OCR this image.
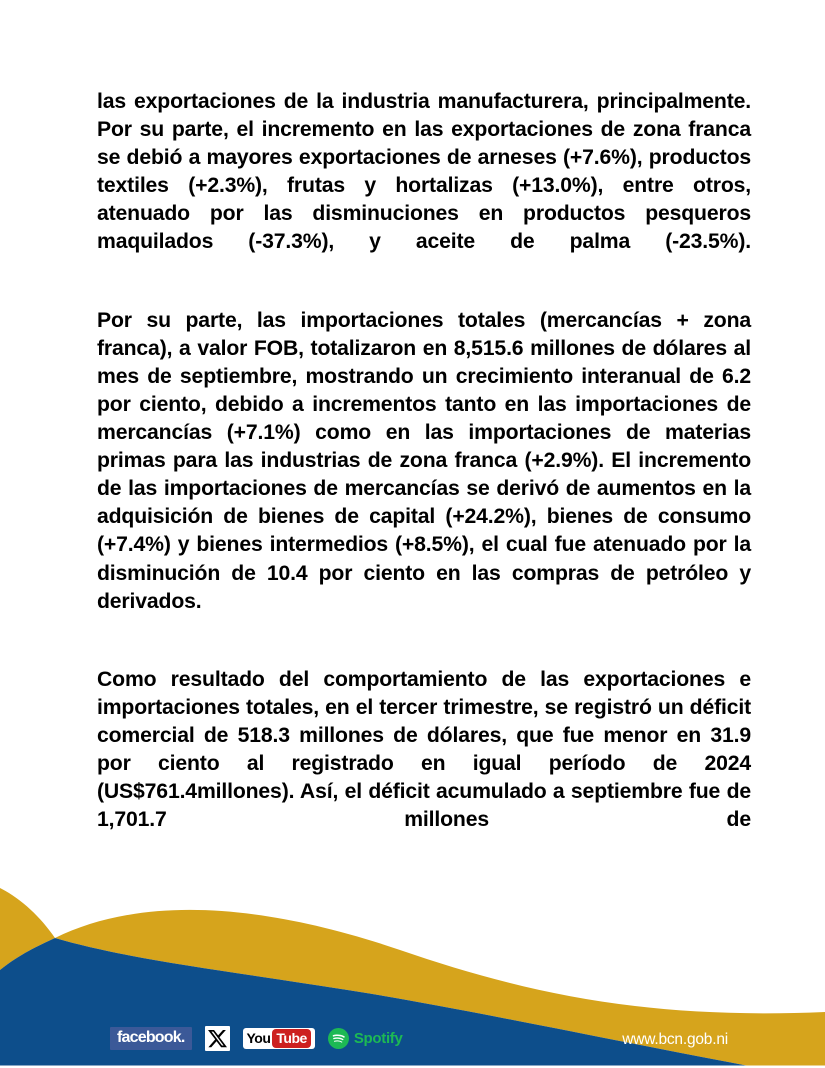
las exportaciones de la industria manufacturera, principalmente. Por su parte, el incremento en las exportaciones de zona franca se debió a mayores exportaciones de arneses (+7.6%), productos textiles (+2.3%), frutas y hortalizas (+13.0%), entre otros, atenuado por las disminuciones en productos pesqueros maquilados (-37.3%), y aceite de palma (-23.5%).

Por su parte, las importaciones totales (mercancías + zona franca), a valor FOB, totalizaron en 8,515.6 millones de dólares al mes de septiembre, mostrando un crecimiento interanual de 6.2 por ciento, debido a incrementos tanto en las importaciones de mercancías (+7.1%) como en las importaciones de materias primas para las industrias de zona franca (+2.9%). El incremento de las importaciones de mercancías se derivó de aumentos en la adquisición de bienes de capital (+24.2%), bienes de consumo (+7.4%) y bienes intermedios (+8.5%), el cual fue atenuado por la disminución de 10.4 por ciento en las compras de petróleo y derivados.

Como resultado del comportamiento de las exportaciones e importaciones totales, en el tercer trimestre, se registró un déficit comercial de 518.3 millones de dólares, que fue menor en 31.9 por ciento al registrado en igual período de 2024 (US$761.4millones). Así, el déficit acumulado a septiembre fue de 1,701.7 millones de

facebook.	You Tube	Spotify	www.bcn.gob.ni
